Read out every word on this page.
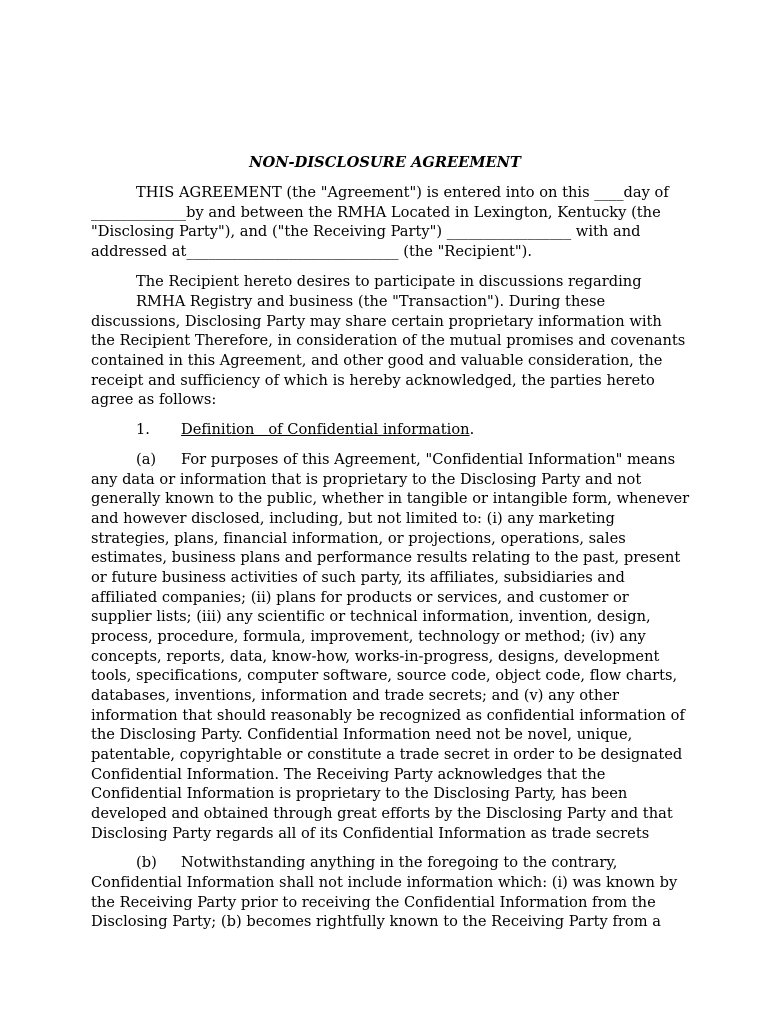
NON-DISCLOSURE AGREEMENT
THIS AGREEMENT (the "Agreement") is entered into on this ____day of
_____________by and between the RMHA Located in Lexington, Kentucky (the
"Disclosing Party"), and ("the Receiving Party") _________________ with and
addressed at_____________________________ (the "Recipient").
The Recipient hereto desires to participate in discussions regarding
RMHA Registry and business (the "Transaction"). During these
discussions, Disclosing Party may share certain proprietary information with
the Recipient Therefore, in consideration of the mutual promises and covenants
contained in this Agreement, and other good and valuable consideration, the
receipt and sufficiency of which is hereby acknowledged, the parties hereto
agree as follows:
1. Definition   of Confidential information.
(a) For purposes of this Agreement, "Confidential Information" means
any data or information that is proprietary to the Disclosing Party and not
generally known to the public, whether in tangible or intangible form, whenever
and however disclosed, including, but not limited to: (i) any marketing
strategies, plans, financial information, or projections, operations, sales
estimates, business plans and performance results relating to the past, present
or future business activities of such party, its affiliates, subsidiaries and
affiliated companies; (ii) plans for products or services, and customer or
supplier lists; (iii) any scientific or technical information, invention, design,
process, procedure, formula, improvement, technology or method; (iv) any
concepts, reports, data, know-how, works-in-progress, designs, development
tools, specifications, computer software, source code, object code, flow charts,
databases, inventions, information and trade secrets; and (v) any other
information that should reasonably be recognized as confidential information of
the Disclosing Party. Confidential Information need not be novel, unique,
patentable, copyrightable or constitute a trade secret in order to be designated
Confidential Information. The Receiving Party acknowledges that the
Confidential Information is proprietary to the Disclosing Party, has been
developed and obtained through great efforts by the Disclosing Party and that
Disclosing Party regards all of its Confidential Information as trade secrets
(b) Notwithstanding anything in the foregoing to the contrary,
Confidential Information shall not include information which: (i) was known by
the Receiving Party prior to receiving the Confidential Information from the
Disclosing Party; (b) becomes rightfully known to the Receiving Party from a
